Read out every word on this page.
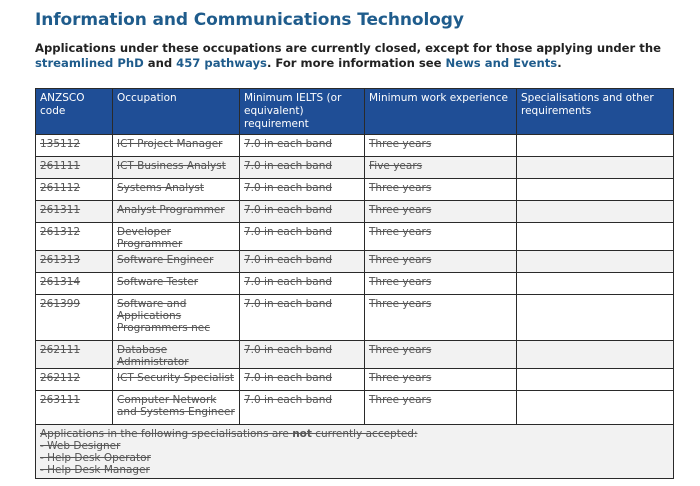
Information and Communications Technology

Applications under these occupations are currently closed, except for those applying under the streamlined PhD and 457 pathways. For more information see News and Events.

ANZSCO code	Occupation	Minimum IELTS (or equivalent) requirement	Minimum work experience	Specialisations and other requirements
135112	ICT Project Manager	7.0 in each band	Three years	
261111	ICT Business Analyst	7.0 in each band	Five years	
261112	Systems Analyst	7.0 in each band	Three years	
261311	Analyst Programmer	7.0 in each band	Three years	
261312	Developer Programmer	7.0 in each band	Three years	
261313	Software Engineer	7.0 in each band	Three years	
261314	Software Tester	7.0 in each band	Three years	
261399	Software and Applications Programmers nec	7.0 in each band	Three years	
262111	Database Administrator	7.0 in each band	Three years	
262112	ICT Security Specialist	7.0 in each band	Three years	
263111	Computer Network and Systems Engineer	7.0 in each band	Three years	

Applications in the following specialisations are not currently accepted:
- Web Designer
- Help Desk Operator
- Help Desk Manager				
